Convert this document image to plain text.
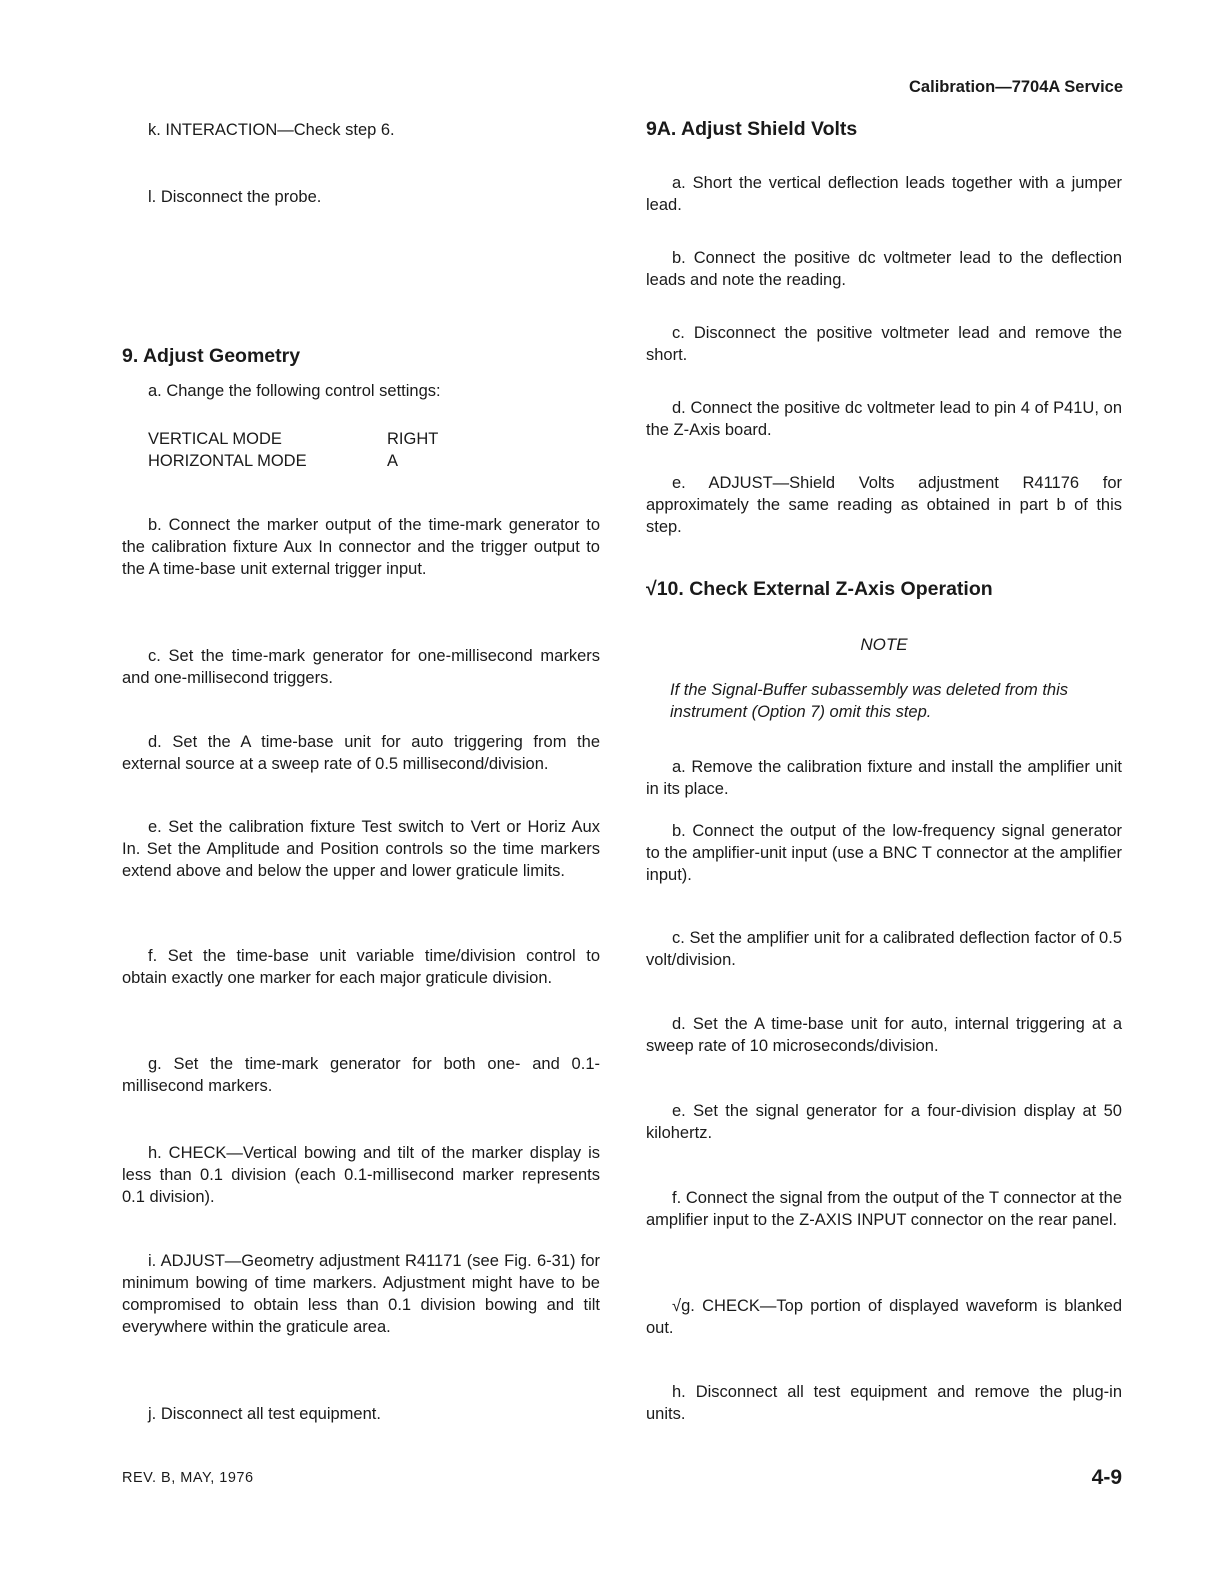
Calibration—7704A Service

k. INTERACTION—Check step 6.

l. Disconnect the probe.

9. Adjust Geometry

a. Change the following control settings:

VERTICAL MODE	RIGHT
HORIZONTAL MODE	A

b. Connect the marker output of the time-mark generator to the calibration fixture Aux In connector and the trigger output to the A time-base unit external trigger input.

c. Set the time-mark generator for one-millisecond markers and one-millisecond triggers.

d. Set the A time-base unit for auto triggering from the external source at a sweep rate of 0.5 millisecond/division.

e. Set the calibration fixture Test switch to Vert or Horiz Aux In. Set the Amplitude and Position controls so the time markers extend above and below the upper and lower graticule limits.

f. Set the time-base unit variable time/division control to obtain exactly one marker for each major graticule division.

g. Set the time-mark generator for both one- and 0.1-millisecond markers.

h. CHECK—Vertical bowing and tilt of the marker display is less than 0.1 division (each 0.1-millisecond marker represents 0.1 division).

i. ADJUST—Geometry adjustment R41171 (see Fig. 6-31) for minimum bowing of time markers. Adjustment might have to be compromised to obtain less than 0.1 division bowing and tilt everywhere within the graticule area.

j. Disconnect all test equipment.

9A. Adjust Shield Volts

a. Short the vertical deflection leads together with a jumper lead.

b. Connect the positive dc voltmeter lead to the deflection leads and note the reading.

c. Disconnect the positive voltmeter lead and remove the short.

d. Connect the positive dc voltmeter lead to pin 4 of P41U, on the Z-Axis board.

e. ADJUST—Shield Volts adjustment R41176 for approximately the same reading as obtained in part b of this step.

√10. Check External Z-Axis Operation
NOTE
If the Signal-Buffer subassembly was deleted from this instrument (Option 7) omit this step.

a. Remove the calibration fixture and install the amplifier unit in its place.

b. Connect the output of the low-frequency signal generator to the amplifier-unit input (use a BNC T connector at the amplifier input).

c. Set the amplifier unit for a calibrated deflection factor of 0.5 volt/division.

d. Set the A time-base unit for auto, internal triggering at a sweep rate of 10 microseconds/division.

e. Set the signal generator for a four-division display at 50 kilohertz.

f. Connect the signal from the output of the T connector at the amplifier input to the Z-AXIS INPUT connector on the rear panel.

√g. CHECK—Top portion of displayed waveform is blanked out.

h. Disconnect all test equipment and remove the plug-in units.

REV. B, MAY, 1976	4-9
